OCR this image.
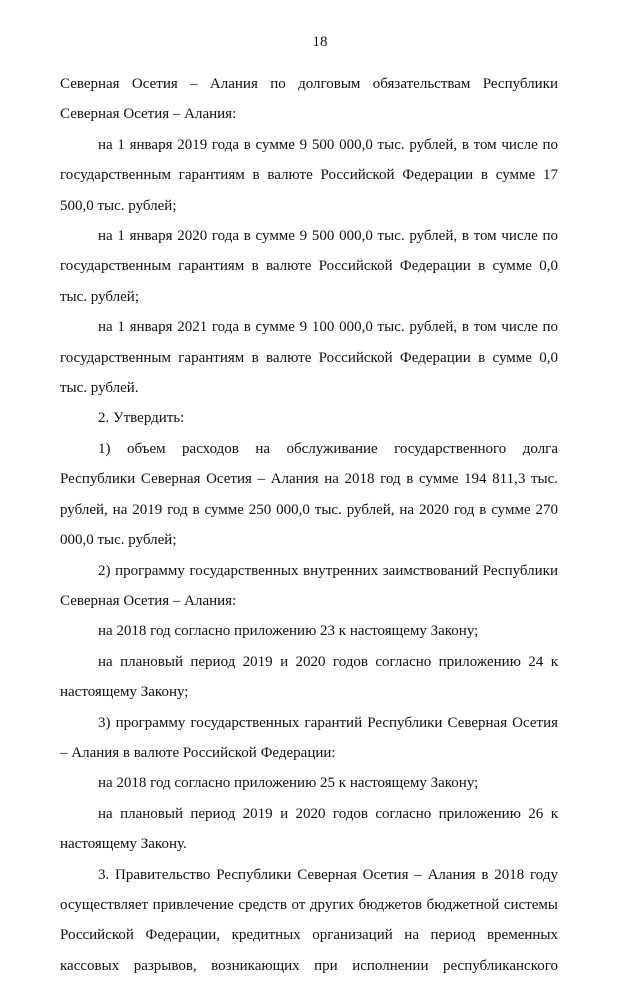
18

Северная Осетия – Алания по долговым обязательствам Республики Северная Осетия – Алания:

на 1 января 2019 года в сумме 9 500 000,0 тыс. рублей, в том числе по государственным гарантиям в валюте Российской Федерации в сумме 17 500,0 тыс. рублей;

на 1 января 2020 года в сумме 9 500 000,0 тыс. рублей, в том числе по государственным гарантиям в валюте Российской Федерации в сумме 0,0 тыс. рублей;

на 1 января 2021 года в сумме 9 100 000,0 тыс. рублей, в том числе по государственным гарантиям в валюте Российской Федерации в сумме 0,0 тыс. рублей.

2. Утвердить:

1) объем расходов на обслуживание государственного долга Республики Северная Осетия – Алания на 2018 год в сумме 194 811,3 тыс. рублей, на 2019 год в сумме 250 000,0 тыс. рублей, на 2020 год в сумме 270 000,0 тыс. рублей;

2) программу государственных внутренних заимствований Республики Северная Осетия – Алания:

на 2018 год согласно приложению 23 к настоящему Закону;

на плановый период 2019 и 2020 годов согласно приложению 24 к настоящему Закону;

3) программу государственных гарантий Республики Северная Осетия – Алания в валюте Российской Федерации:

на 2018 год согласно приложению 25 к настоящему Закону;

на плановый период 2019 и 2020 годов согласно приложению 26 к настоящему Закону.

3. Правительство Республики Северная Осетия – Алания в 2018 году осуществляет привлечение средств от других бюджетов бюджетной системы Российской Федерации, кредитных организаций на период временных кассовых разрывов, возникающих при исполнении республиканского
